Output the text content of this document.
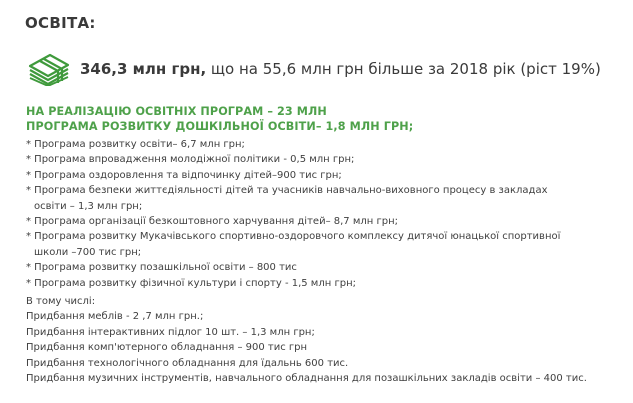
ОСВІТА:
346,3 млн грн, що на 55,6 млн грн більше за 2018 рік (ріст 19%)
НА РЕАЛІЗАЦІЮ ОСВІТНІХ ПРОГРАМ – 23 МЛН
ПРОГРАМА РОЗВИТКУ ДОШКІЛЬНОЇ ОСВІТИ– 1,8 МЛН ГРН;
* Програма розвитку освіти– 6,7 млн грн;
* Програма впровадження молодіжної політики - 0,5 млн грн;
* Програма оздоровлення та відпочинку дітей–900 тис грн;
* Програма безпеки життєдіяльності дітей та учасників навчально-виховного процесу в закладах
освіти – 1,3 млн грн;
* Програма організації безкоштовного харчування дітей– 8,7 млн грн;
* Програма розвитку Мукачівського спортивно-оздоровчого комплексу дитячої юнацької спортивної
школи –700 тис грн;
* Програма розвитку позашкільної освіти – 800 тис
* Програма розвитку фізичної культури і спорту - 1,5 млн грн;
В тому числі:
Придбання меблів - 2 ,7 млн грн.;
Придбання інтерактивних підлог 10 шт. – 1,3 млн грн;
Придбання комп'ютерного обладнання – 900 тис грн
Придбання технологічного обладнання для їдальнь 600 тис.
Придбання музичних інструментів, навчального обладнання для позашкільних закладів освіти – 400 тис.
